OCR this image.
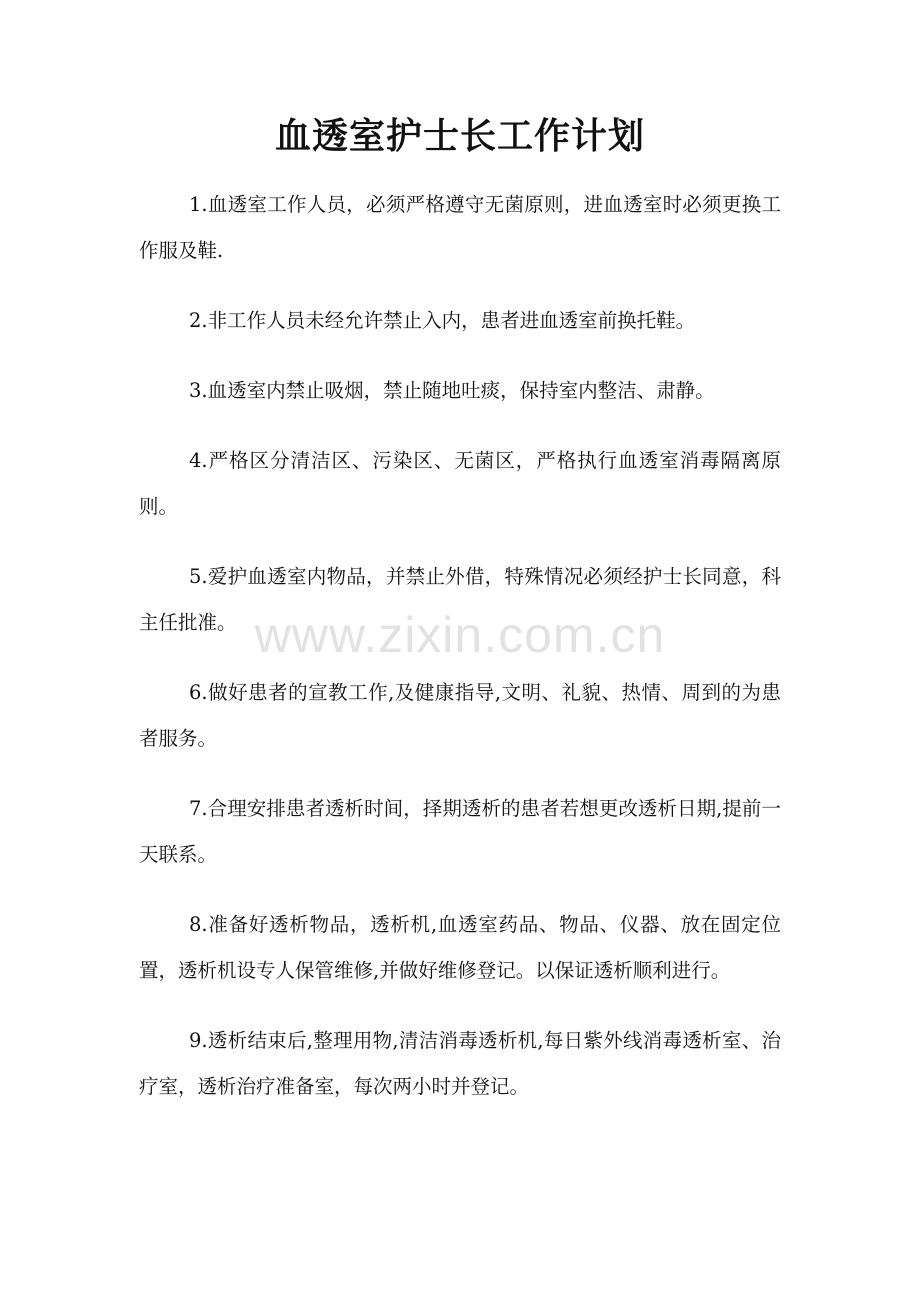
血透室护士长工作计划

1.血透室工作人员，必须严格遵守无菌原则，进血透室时必须更换工作服及鞋.

2.非工作人员未经允许禁止入内，患者进血透室前换托鞋。

3.血透室内禁止吸烟，禁止随地吐痰，保持室内整洁、肃静。

4.严格区分清洁区、污染区、无菌区，严格执行血透室消毒隔离原则。

5.爱护血透室内物品，并禁止外借，特殊情况必须经护士长同意，科主任批准。

6.做好患者的宣教工作,及健康指导,文明、礼貌、热情、周到的为患者服务。

7.合理安排患者透析时间，择期透析的患者若想更改透析日期,提前一天联系。

8.准备好透析物品，透析机,血透室药品、物品、仪器、放在固定位置，透析机设专人保管维修,并做好维修登记。以保证透析顺利进行。

9.透析结束后,整理用物,清洁消毒透析机,每日紫外线消毒透析室、治疗室，透析治疗准备室，每次两小时并登记。

www.zixin.com.cn
